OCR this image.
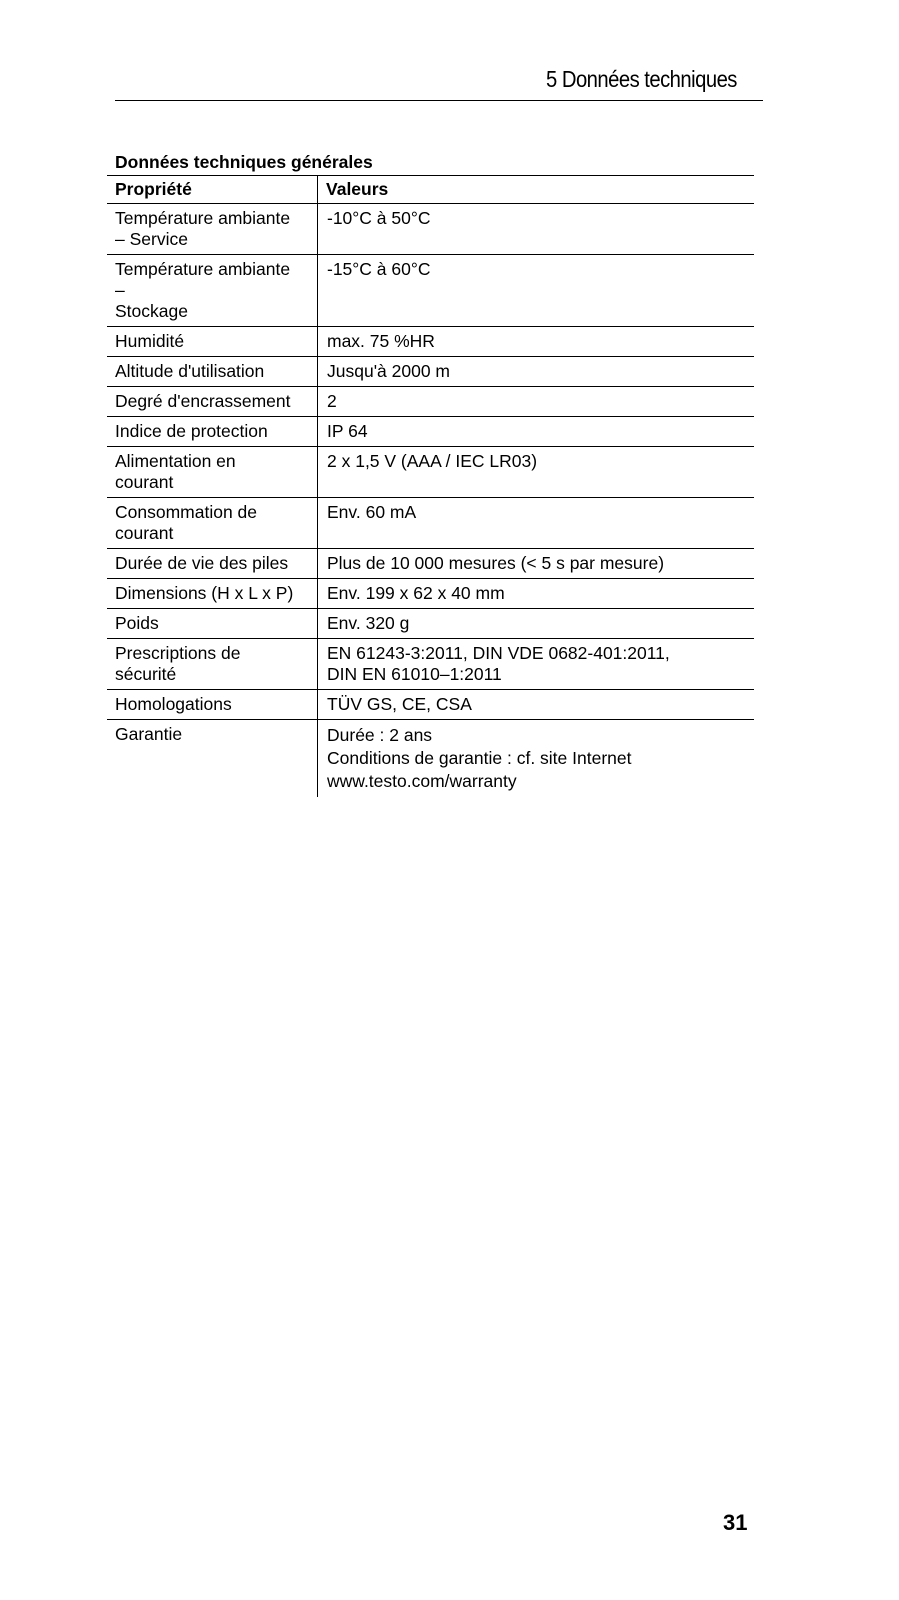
5 Données techniques
Données techniques générales
Propriété	Valeurs

Température ambiante
– Service	-10°C à 50°C

Température ambiante
–
Stockage	-15°C à 60°C

Humidité	max. 75 %HR

Altitude d'utilisation	Jusqu'à 2000 m

Degré d'encrassement	2

Indice de protection	IP 64

Alimentation en
courant	2 x 1,5 V (AAA / IEC LR03)

Consommation de
courant	Env. 60 mA

Durée de vie des piles	Plus de 10 000 mesures (< 5 s par mesure)

Dimensions (H x L x P)	Env. 199 x 62 x 40 mm

Poids	Env. 320 g

Prescriptions de
sécurité	EN 61243-3:2011, DIN VDE 0682-401:2011,
DIN EN 61010–1:2011

Homologations	TÜV GS, CE, CSA

Garantie	Durée : 2 ans
Conditions de garantie : cf. site Internet
www.testo.com/warranty
31
